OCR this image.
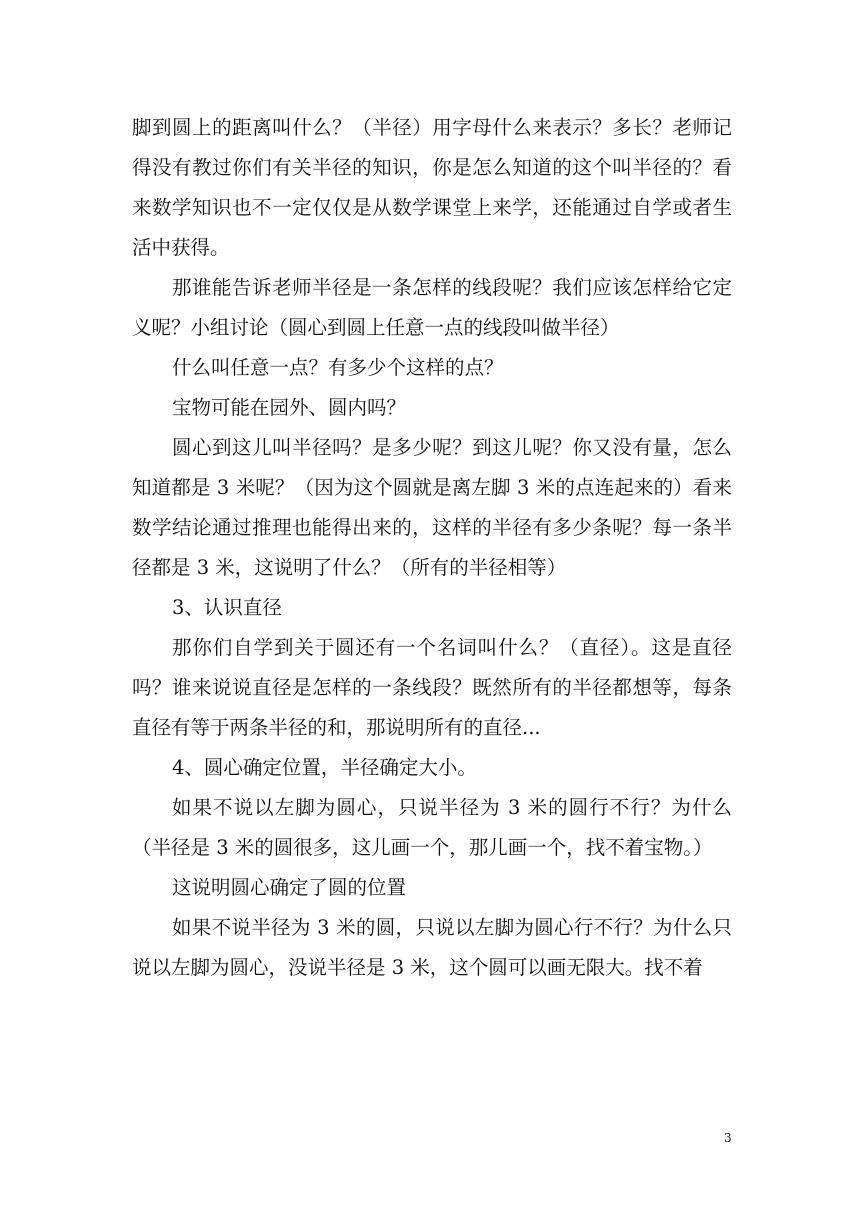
脚到圆上的距离叫什么？（半径）用字母什么来表示？多长？老师记得没有教过你们有关半径的知识，你是怎么知道的这个叫半径的？看来数学知识也不一定仅仅是从数学课堂上来学，还能通过自学或者生活中获得。

那谁能告诉老师半径是一条怎样的线段呢？我们应该怎样给它定义呢？小组讨论（圆心到圆上任意一点的线段叫做半径）

什么叫任意一点？有多少个这样的点？

宝物可能在园外、圆内吗？

圆心到这儿叫半径吗？是多少呢？到这儿呢？你又没有量，怎么知道都是 3 米呢？（因为这个圆就是离左脚 3 米的点连起来的）看来数学结论通过推理也能得出来的，这样的半径有多少条呢？每一条半径都是 3 米，这说明了什么？（所有的半径相等）

3、认识直径

那你们自学到关于圆还有一个名词叫什么？（直径）。这是直径吗？谁来说说直径是怎样的一条线段？既然所有的半径都想等，每条直径有等于两条半径的和，那说明所有的直径...

4、圆心确定位置，半径确定大小。

如果不说以左脚为圆心，只说半径为 3 米的圆行不行？为什么（半径是 3 米的圆很多，这儿画一个，那儿画一个，找不着宝物。）

这说明圆心确定了圆的位置

如果不说半径为 3 米的圆，只说以左脚为圆心行不行？为什么只说以左脚为圆心，没说半径是 3 米，这个圆可以画无限大。找不着

3
